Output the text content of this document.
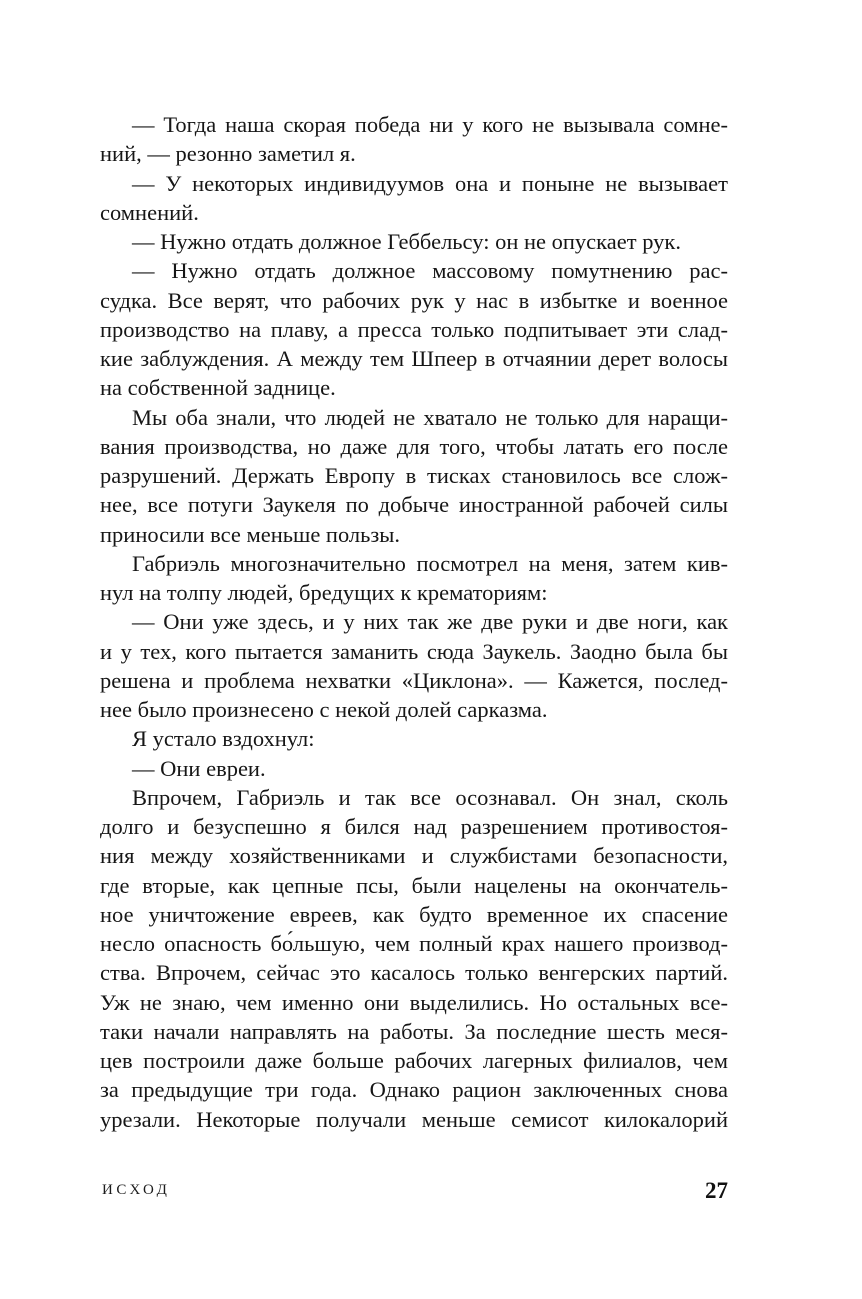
— Тогда наша скорая победа ни у кого не вызывала сомне-
ний, — резонно заметил я.
— У некоторых индивидуумов она и поныне не вызывает
сомнений.
— Нужно отдать должное Геббельсу: он не опускает рук.
— Нужно отдать должное массовому помутнению рас-
судка. Все верят, что рабочих рук у нас в избытке и военное
производство на плаву, а пресса только подпитывает эти слад-
кие заблуждения. А между тем Шпеер в отчаянии дерет волосы
на собственной заднице.
Мы оба знали, что людей не хватало не только для наращи-
вания производства, но даже для того, чтобы латать его после
разрушений. Держать Европу в тисках становилось все слож-
нее, все потуги Заукеля по добыче иностранной рабочей силы
приносили все меньше пользы.
Габриэль многозначительно посмотрел на меня, затем кив-
нул на толпу людей, бредущих к крематориям:
— Они уже здесь, и у них так же две руки и две ноги, как
и у тех, кого пытается заманить сюда Заукель. Заодно была бы
решена и проблема нехватки «Циклона». — Кажется, послед-
нее было произнесено с некой долей сарказма.
Я устало вздохнул:
— Они евреи.
Впрочем, Габриэль и так все осознавал. Он знал, сколь
долго и безуспешно я бился над разрешением противостоя-
ния между хозяйственниками и службистами безопасности,
где вторые, как цепные псы, были нацелены на окончатель-
ное уничтожение евреев, как будто временное их спасение
несло опасность бо́льшую, чем полный крах нашего производ-
ства. Впрочем, сейчас это касалось только венгерских партий.
Уж не знаю, чем именно они выделились. Но остальных все-
таки начали направлять на работы. За последние шесть меся-
цев построили даже больше рабочих лагерных филиалов, чем
за предыдущие три года. Однако рацион заключенных снова
урезали. Некоторые получали меньше семисот килокалорий
ИСХОД	27
